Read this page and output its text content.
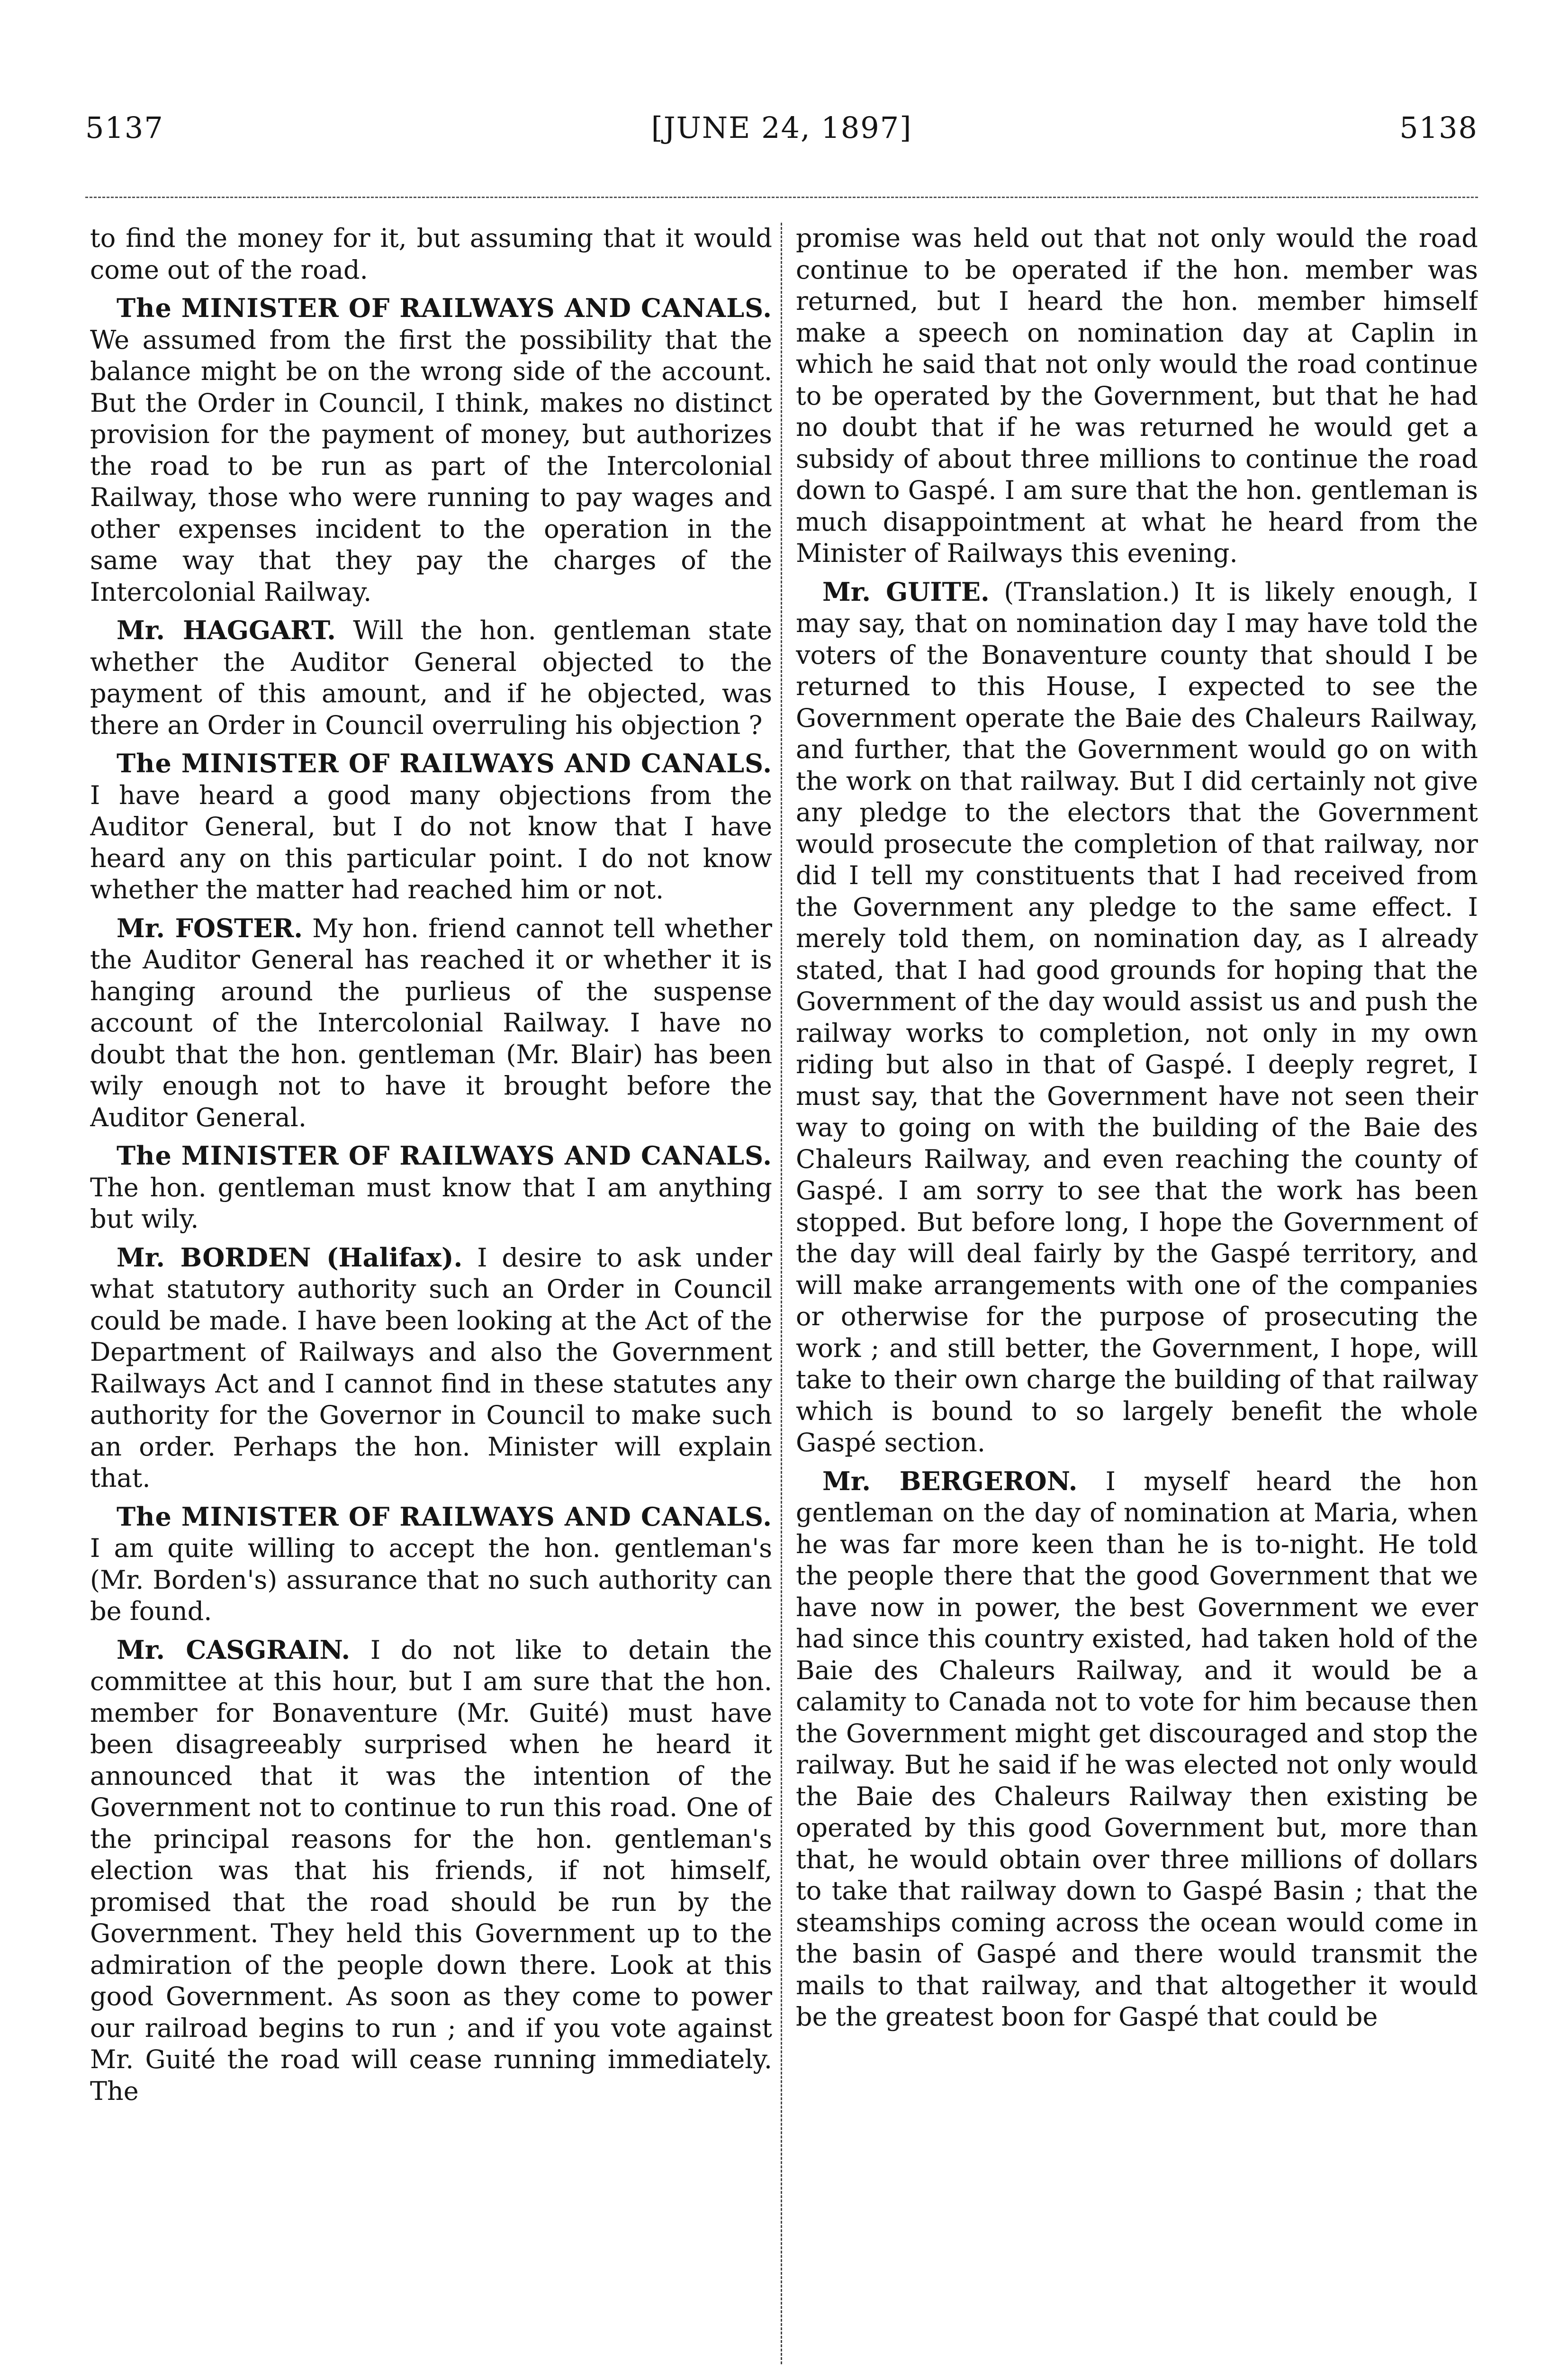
5137	[JUNE 24, 1897]	5138

to find the money for it, but assuming that it would come out of the road.

The MINISTER OF RAILWAYS AND CANALS. We assumed from the first the possibility that the balance might be on the wrong side of the account. But the Order in Council, I think, makes no distinct provision for the payment of money, but authorizes the road to be run as part of the Intercolonial Railway, those who were running to pay wages and other expenses incident to the operation in the same way that they pay the charges of the Intercolonial Railway.

Mr. HAGGART. Will the hon. gentleman state whether the Auditor General objected to the payment of this amount, and if he objected, was there an Order in Council overruling his objection ?

The MINISTER OF RAILWAYS AND CANALS. I have heard a good many objections from the Auditor General, but I do not know that I have heard any on this particular point. I do not know whether the matter had reached him or not.

Mr. FOSTER. My hon. friend cannot tell whether the Auditor General has reached it or whether it is hanging around the purlieus of the suspense account of the Intercolonial Railway. I have no doubt that the hon. gentleman (Mr. Blair) has been wily enough not to have it brought before the Auditor General.

The MINISTER OF RAILWAYS AND CANALS. The hon. gentleman must know that I am anything but wily.

Mr. BORDEN (Halifax). I desire to ask under what statutory authority such an Order in Council could be made. I have been looking at the Act of the Department of Railways and also the Government Railways Act and I cannot find in these statutes any authority for the Governor in Council to make such an order. Perhaps the hon. Minister will explain that.

The MINISTER OF RAILWAYS AND CANALS. I am quite willing to accept the hon. gentleman's (Mr. Borden's) assurance that no such authority can be found.

Mr. CASGRAIN. I do not like to detain the committee at this hour, but I am sure that the hon. member for Bonaventure (Mr. Guité) must have been disagreeably surprised when he heard it announced that it was the intention of the Government not to continue to run this road. One of the principal reasons for the hon. gentleman's election was that his friends, if not himself, promised that the road should be run by the Government. They held this Government up to the admiration of the people down there. Look at this good Government. As soon as they come to power our railroad begins to run ; and if you vote against Mr. Guité the road will cease running immediately. The

promise was held out that not only would the road continue to be operated if the hon. member was returned, but I heard the hon. member himself make a speech on nomination day at Caplin in which he said that not only would the road continue to be operated by the Government, but that he had no doubt that if he was returned he would get a subsidy of about three millions to continue the road down to Gaspé. I am sure that the hon. gentleman is much disappointment at what he heard from the Minister of Railways this evening.

Mr. GUITE. (Translation.) It is likely enough, I may say, that on nomination day I may have told the voters of the Bonaventure county that should I be returned to this House, I expected to see the Government operate the Baie des Chaleurs Railway, and further, that the Government would go on with the work on that railway. But I did certainly not give any pledge to the electors that the Government would prosecute the completion of that railway, nor did I tell my constituents that I had received from the Government any pledge to the same effect. I merely told them, on nomination day, as I already stated, that I had good grounds for hoping that the Government of the day would assist us and push the railway works to completion, not only in my own riding but also in that of Gaspé. I deeply regret, I must say, that the Government have not seen their way to going on with the building of the Baie des Chaleurs Railway, and even reaching the county of Gaspé. I am sorry to see that the work has been stopped. But before long, I hope the Government of the day will deal fairly by the Gaspé territory, and will make arrangements with one of the companies or otherwise for the purpose of prosecuting the work ; and still better, the Government, I hope, will take to their own charge the building of that railway which is bound to so largely benefit the whole Gaspé section.

Mr. BERGERON. I myself heard the hon gentleman on the day of nomination at Maria, when he was far more keen than he is to-night. He told the people there that the good Government that we have now in power, the best Government we ever had since this country existed, had taken hold of the Baie des Chaleurs Railway, and it would be a calamity to Canada not to vote for him because then the Government might get discouraged and stop the railway. But he said if he was elected not only would the Baie des Chaleurs Railway then existing be operated by this good Government but, more than that, he would obtain over three millions of dollars to take that railway down to Gaspé Basin ; that the steamships coming across the ocean would come in the basin of Gaspé and there would transmit the mails to that railway, and that altogether it would be the greatest boon for Gaspé that could be
